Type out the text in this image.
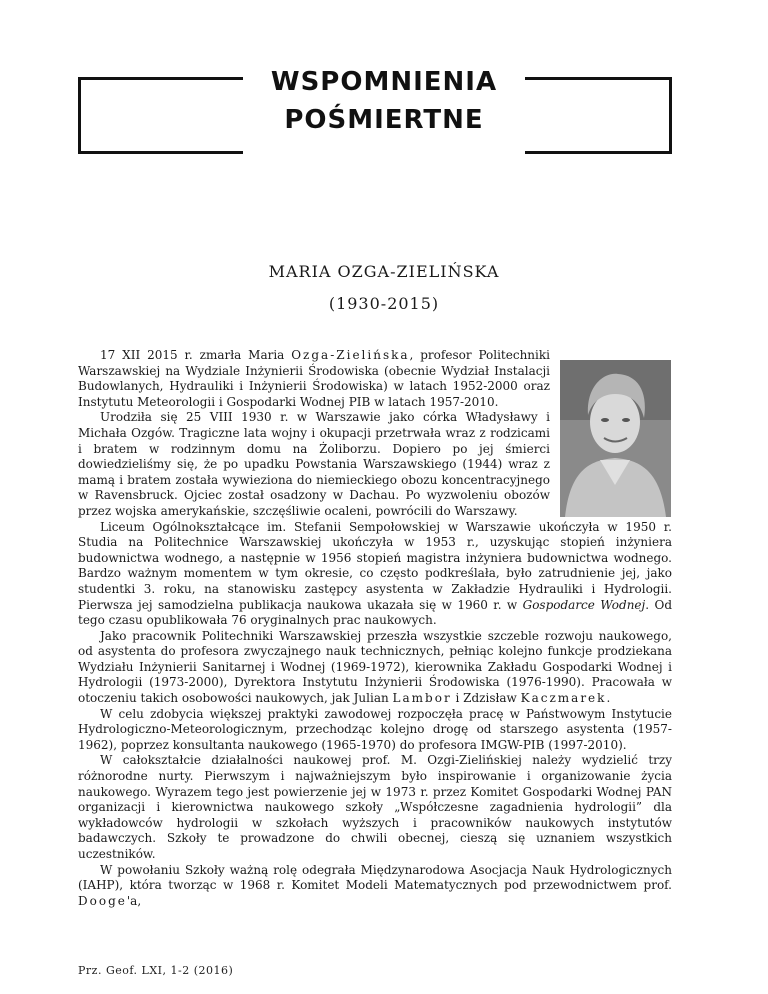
WSPOMNIENIA
POŚMIERTNE
MARIA OZGA-ZIELIŃSKA
(1930-2015)

17 XII 2015 r. zmarła Maria Ozga-Zielińska, profesor Politechniki Warszawskiej na Wydziale Inżynierii Środowiska (obecnie Wydział Instalacji Budowlanych, Hydrauliki i Inżynierii Środowiska) w latach 1952-2000 oraz Instytutu Meteorologii i Gospodarki Wodnej PIB w latach 1957-2010.

Urodziła się 25 VIII 1930 r. w Warszawie jako córka Władysławy i Michała Ozgów. Tragiczne lata wojny i okupacji przetrwała wraz z rodzicami i bratem w rodzinnym domu na Żoliborzu. Dopiero po jej śmierci dowiedzieliśmy się, że po upadku Powstania Warszawskiego (1944) wraz z mamą i bratem została wywieziona do niemieckiego obozu koncentracyjnego w Ravensbruck. Ojciec został osadzony w Dachau. Po wyzwoleniu obozów przez wojska amerykańskie, szczęśliwie ocaleni, powrócili do Warszawy.

Liceum Ogólnokształcące im. Stefanii Sempołowskiej w Warszawie ukończyła w 1950 r. Studia na Politechnice Warszawskiej ukończyła w 1953 r., uzyskując stopień inżyniera budownictwa wodnego, a następnie w 1956 stopień magistra inżyniera budownictwa wodnego. Bardzo ważnym momentem w tym okresie, co często podkreślała, było zatrudnienie jej, jako studentki 3. roku, na stanowisku zastępcy asystenta w Zakładzie Hydrauliki i Hydrologii. Pierwsza jej samodzielna publikacja naukowa ukazała się w 1960 r. w Gospodarce Wodnej. Od tego czasu opublikowała 76 oryginalnych prac naukowych.

Jako pracownik Politechniki Warszawskiej przeszła wszystkie szczeble rozwoju naukowego, od asystenta do profesora zwyczajnego nauk technicznych, pełniąc kolejno funkcje prodziekana Wydziału Inżynierii Sanitarnej i Wodnej (1969-1972), kierownika Zakładu Gospodarki Wodnej i Hydrologii (1973-2000), Dyrektora Instytutu Inżynierii Środowiska (1976-1990). Pracowała w otoczeniu takich osobowości naukowych, jak Julian Lambor i Zdzisław Kaczmarek.

W celu zdobycia większej praktyki zawodowej rozpoczęła pracę w Państwowym Instytucie Hydrologiczno-Meteorologicznym, przechodząc kolejno drogę od starszego asystenta (1957-1962), poprzez konsultanta naukowego (1965-1970) do profesora IMGW-PIB (1997-2010).

W całokształcie działalności naukowej prof. M. Ozgi-Zielińskiej należy wydzielić trzy różnorodne nurty. Pierwszym i najważniejszym było inspirowanie i organizowanie życia naukowego. Wyrazem tego jest powierzenie jej w 1973 r. przez Komitet Gospodarki Wodnej PAN organizacji i kierownictwa naukowego szkoły „Współczesne zagadnienia hydrologii” dla wykładowców hydrologii w szkołach wyższych i pracowników naukowych instytutów badawczych. Szkoły te prowadzone do chwili obecnej, cieszą się uznaniem wszystkich uczestników.

W powołaniu Szkoły ważną rolę odegrała Międzynarodowa Asocjacja Nauk Hydrologicznych (IAHP), która tworząc w 1968 r. Komitet Modeli Matematycznych pod przewodnictwem prof. Dooge'a,

Prz. Geof. LXI, 1-2 (2016)
